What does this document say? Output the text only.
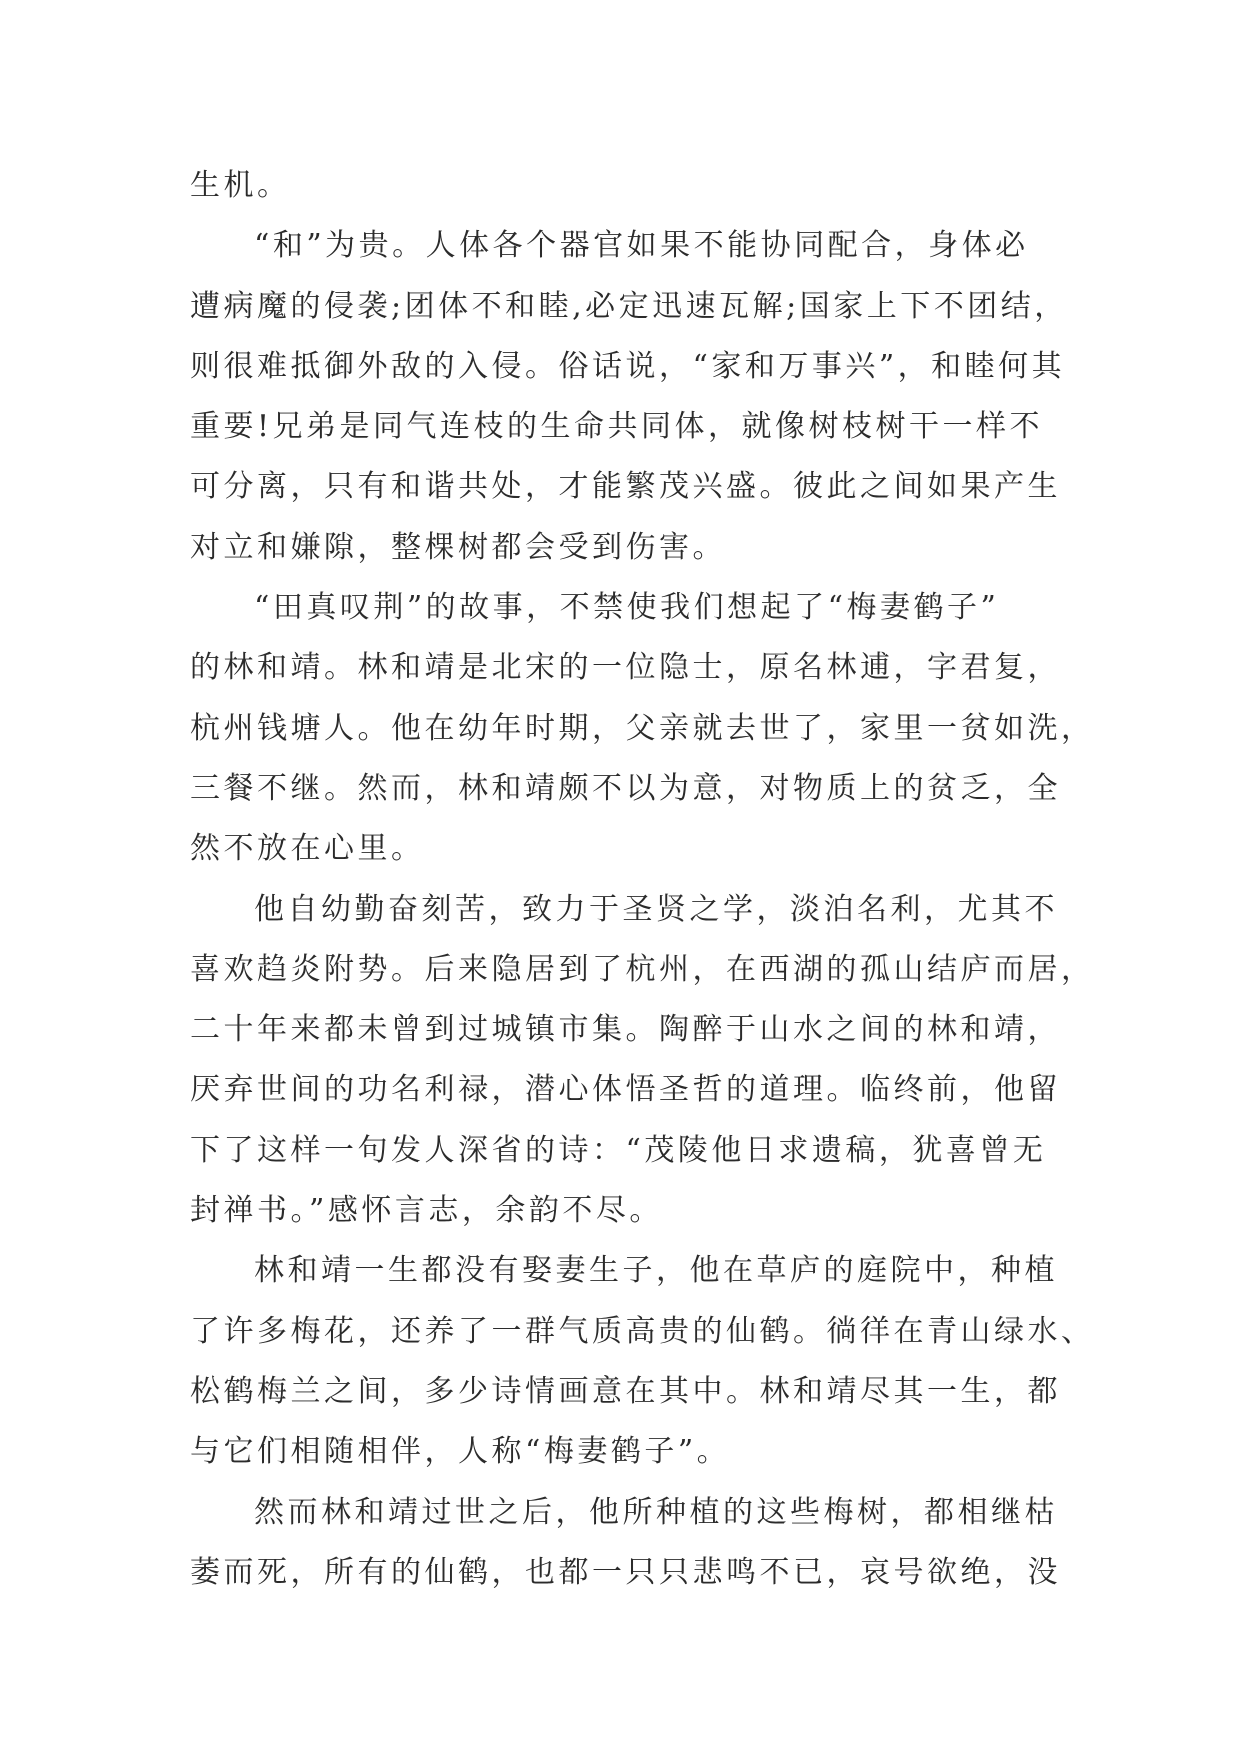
生机。
“和”为贵。人体各个器官如果不能协同配合，身体必
遭病魔的侵袭;团体不和睦,必定迅速瓦解;国家上下不团结，
则很难抵御外敌的入侵。俗话说，“家和万事兴”，和睦何其
重要!兄弟是同气连枝的生命共同体，就像树枝树干一样不
可分离，只有和谐共处，才能繁茂兴盛。彼此之间如果产生
对立和嫌隙，整棵树都会受到伤害。
“田真叹荆”的故事，不禁使我们想起了“梅妻鹤子”
的林和靖。林和靖是北宋的一位隐士，原名林逋，字君复，
杭州钱塘人。他在幼年时期，父亲就去世了，家里一贫如洗，
三餐不继。然而，林和靖颇不以为意，对物质上的贫乏，全
然不放在心里。
他自幼勤奋刻苦，致力于圣贤之学，淡泊名利，尤其不
喜欢趋炎附势。后来隐居到了杭州，在西湖的孤山结庐而居，
二十年来都未曾到过城镇市集。陶醉于山水之间的林和靖，
厌弃世间的功名利禄，潜心体悟圣哲的道理。临终前，他留
下了这样一句发人深省的诗：“茂陵他日求遗稿，犹喜曾无
封禅书。”感怀言志，余韵不尽。
林和靖一生都没有娶妻生子，他在草庐的庭院中，种植
了许多梅花，还养了一群气质高贵的仙鹤。徜徉在青山绿水、
松鹤梅兰之间，多少诗情画意在其中。林和靖尽其一生，都
与它们相随相伴，人称“梅妻鹤子”。
然而林和靖过世之后，他所种植的这些梅树，都相继枯
萎而死，所有的仙鹤，也都一只只悲鸣不已，哀号欲绝，没
